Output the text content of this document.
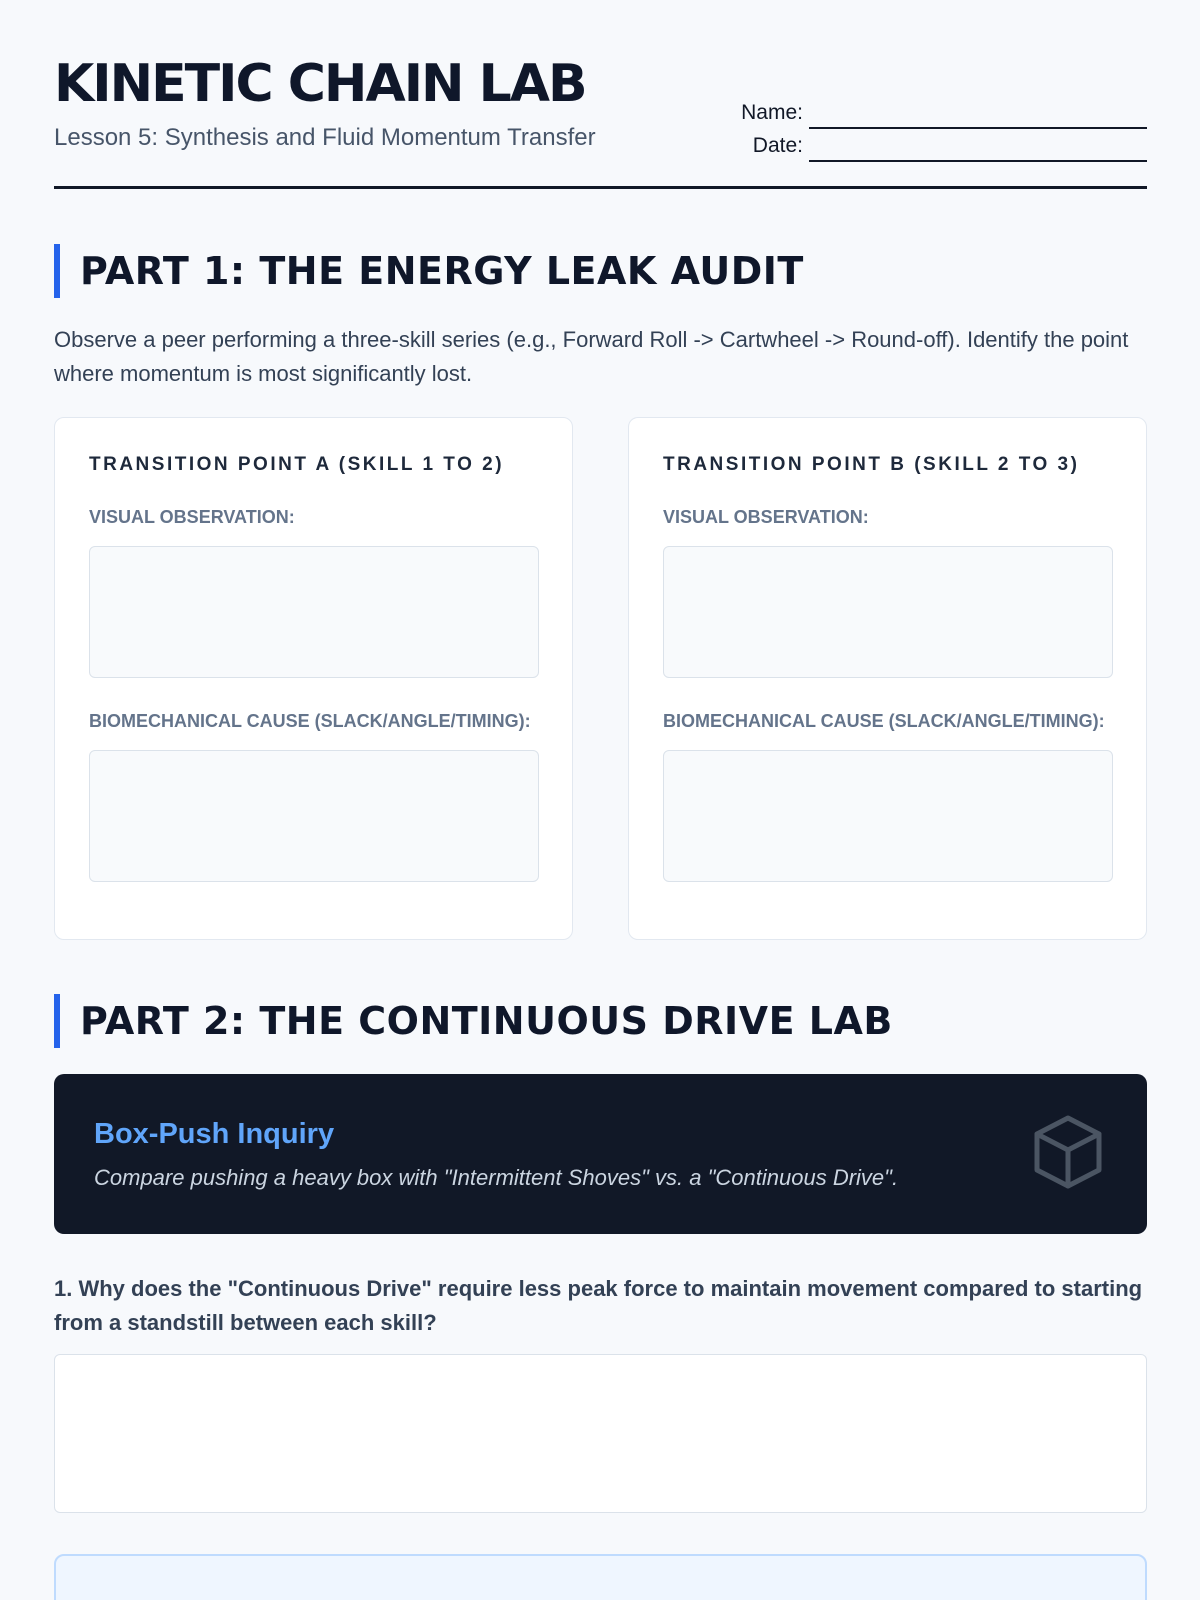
KINETIC CHAIN LAB
Lesson 5: Synthesis and Fluid Momentum Transfer
Name:
Date:
PART 1: THE ENERGY LEAK AUDIT
Observe a peer performing a three-skill series (e.g., Forward Roll -> Cartwheel -> Round-off). Identify the point where momentum is most significantly lost.
TRANSITION POINT A (SKILL 1 TO 2)
VISUAL OBSERVATION:
BIOMECHANICAL CAUSE (SLACK/ANGLE/TIMING):
TRANSITION POINT B (SKILL 2 TO 3)
VISUAL OBSERVATION:
BIOMECHANICAL CAUSE (SLACK/ANGLE/TIMING):
PART 2: THE CONTINUOUS DRIVE LAB
Box-Push Inquiry
Compare pushing a heavy box with "Intermittent Shoves" vs. a "Continuous Drive".
1. Why does the "Continuous Drive" require less peak force to maintain movement compared to starting from a standstill between each skill?
